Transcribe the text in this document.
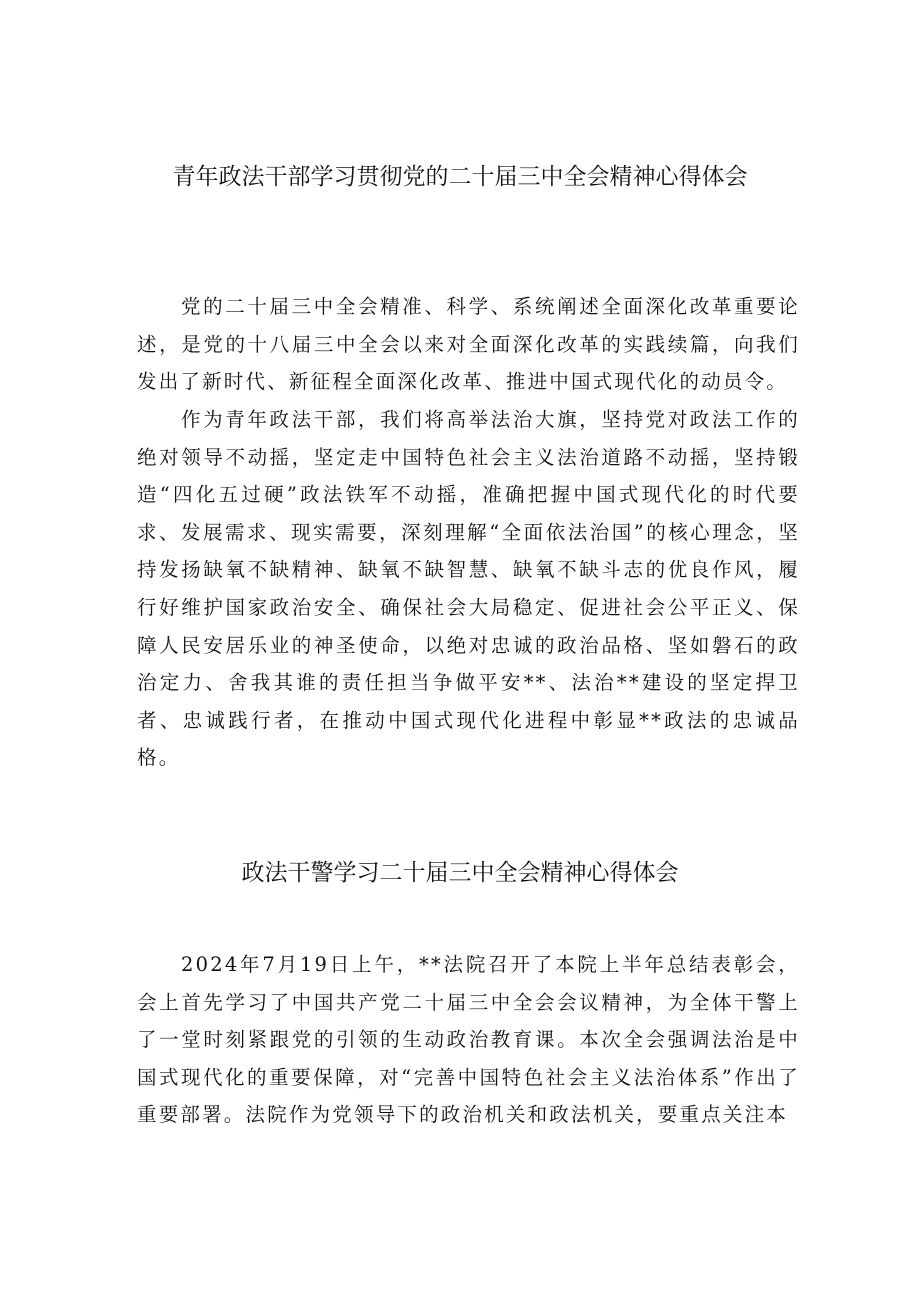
青年政法干部学习贯彻党的二十届三中全会精神心得体会

党的二十届三中全会精准、科学、系统阐述全面深化改革重要论述，是党的十八届三中全会以来对全面深化改革的实践续篇，向我们发出了新时代、新征程全面深化改革、推进中国式现代化的动员令。

作为青年政法干部，我们将高举法治大旗，坚持党对政法工作的绝对领导不动摇，坚定走中国特色社会主义法治道路不动摇，坚持锻造“四化五过硬”政法铁军不动摇，准确把握中国式现代化的时代要求、发展需求、现实需要，深刻理解“全面依法治国”的核心理念，坚持发扬缺氧不缺精神、缺氧不缺智慧、缺氧不缺斗志的优良作风，履行好维护国家政治安全、确保社会大局稳定、促进社会公平正义、保障人民安居乐业的神圣使命，以绝对忠诚的政治品格、坚如磐石的政治定力、舍我其谁的责任担当争做平安**、法治**建设的坚定捍卫者、忠诚践行者，在推动中国式现代化进程中彰显**政法的忠诚品格。

政法干警学习二十届三中全会精神心得体会

2024年7月19日上午，**法院召开了本院上半年总结表彰会，会上首先学习了中国共产党二十届三中全会会议精神，为全体干警上了一堂时刻紧跟党的引领的生动政治教育课。本次全会强调法治是中国式现代化的重要保障，对“完善中国特色社会主义法治体系”作出了重要部署。法院作为党领导下的政治机关和政法机关，要重点关注本
